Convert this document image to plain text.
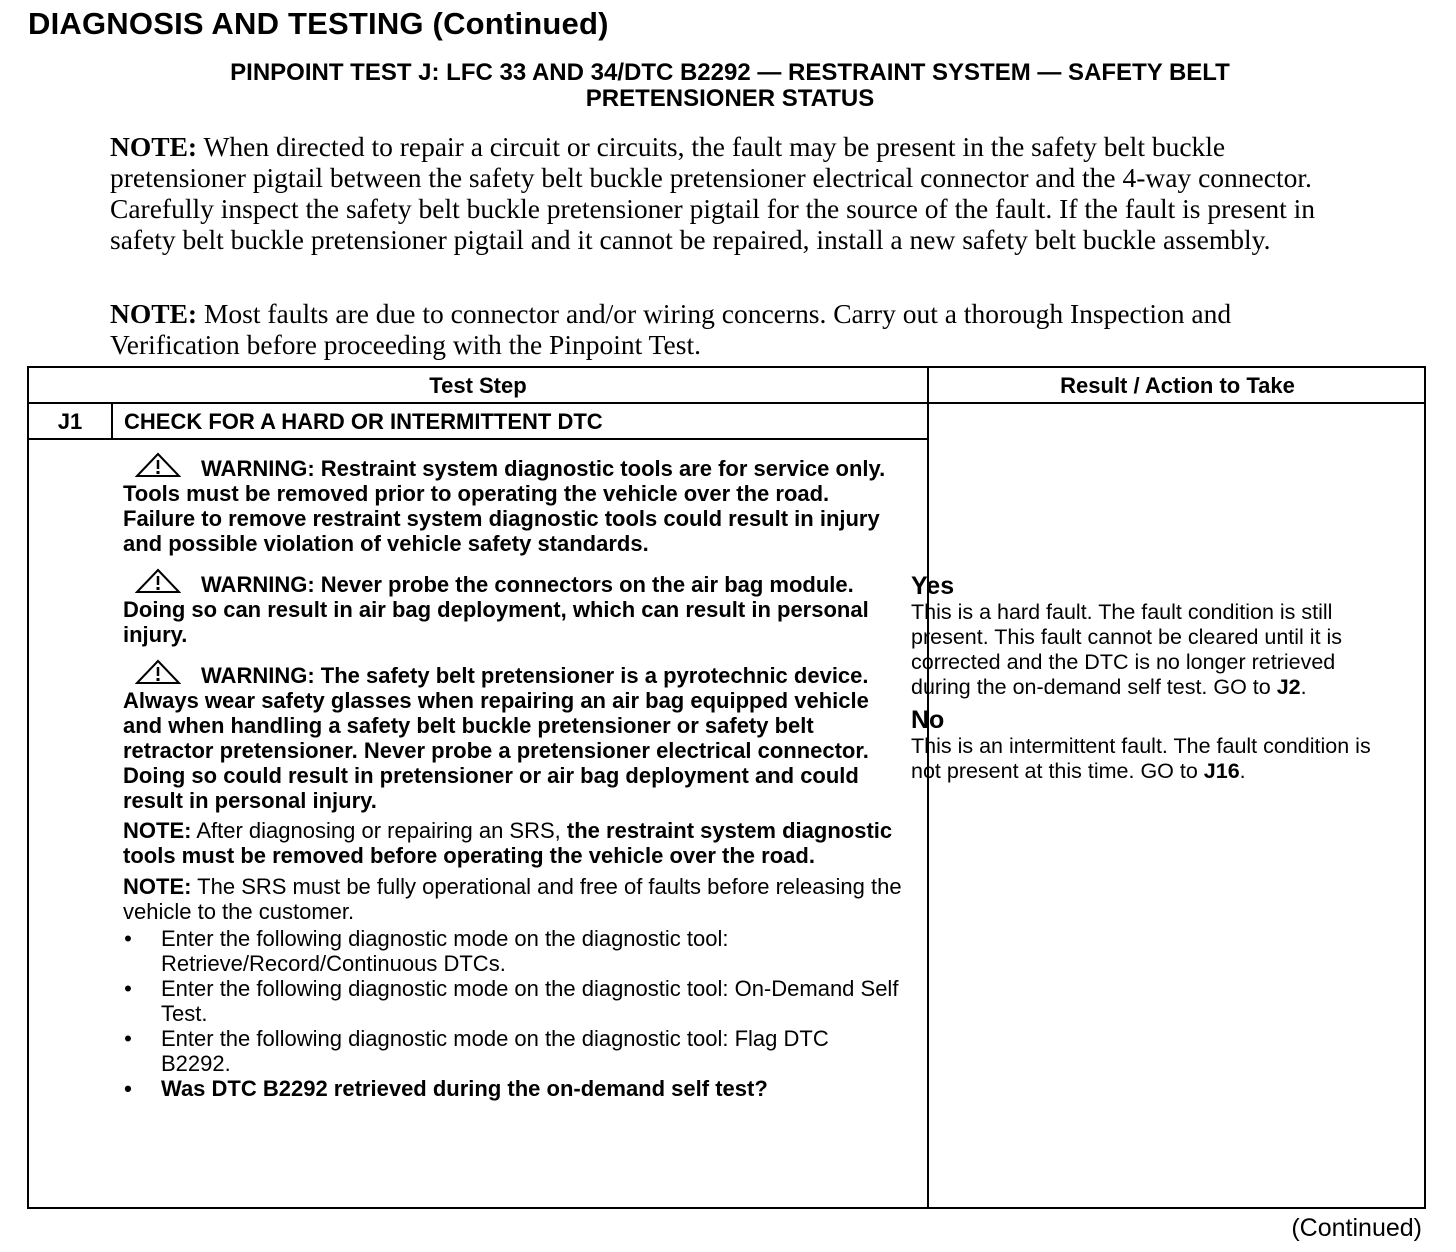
DIAGNOSIS AND TESTING (Continued)
PINPOINT TEST J: LFC 33 AND 34/DTC B2292 — RESTRAINT SYSTEM — SAFETY BELT
PRETENSIONER STATUS
NOTE: When directed to repair a circuit or circuits, the fault may be present in the safety belt buckle pretensioner pigtail between the safety belt buckle pretensioner electrical connector and the 4-way connector. Carefully inspect the safety belt buckle pretensioner pigtail for the source of the fault. If the fault is present in safety belt buckle pretensioner pigtail and it cannot be repaired, install a new safety belt buckle assembly.
NOTE: Most faults are due to connector and/or wiring concerns. Carry out a thorough Inspection and Verification before proceeding with the Pinpoint Test.
Test Step	Result / Action to Take
J1	CHECK FOR A HARD OR INTERMITTENT DTC
WARNING: Restraint system diagnostic tools are for service only. Tools must be removed prior to operating the vehicle over the road. Failure to remove restraint system diagnostic tools could result in injury and possible violation of vehicle safety standards.
WARNING: Never probe the connectors on the air bag module. Doing so can result in air bag deployment, which can result in personal injury.
WARNING: The safety belt pretensioner is a pyrotechnic device. Always wear safety glasses when repairing an air bag equipped vehicle and when handling a safety belt buckle pretensioner or safety belt retractor pretensioner. Never probe a pretensioner electrical connector. Doing so could result in pretensioner or air bag deployment and could result in personal injury.
NOTE: After diagnosing or repairing an SRS, the restraint system diagnostic tools must be removed before operating the vehicle over the road.
NOTE: The SRS must be fully operational and free of faults before releasing the vehicle to the customer.
• Enter the following diagnostic mode on the diagnostic tool: Retrieve/Record/Continuous DTCs.
• Enter the following diagnostic mode on the diagnostic tool: On-Demand Self Test.
• Enter the following diagnostic mode on the diagnostic tool: Flag DTC B2292.
• Was DTC B2292 retrieved during the on-demand self test?
Yes
This is a hard fault. The fault condition is still present. This fault cannot be cleared until it is corrected and the DTC is no longer retrieved during the on-demand self test. GO to J2.
No
This is an intermittent fault. The fault condition is not present at this time. GO to J16.
(Continued)
